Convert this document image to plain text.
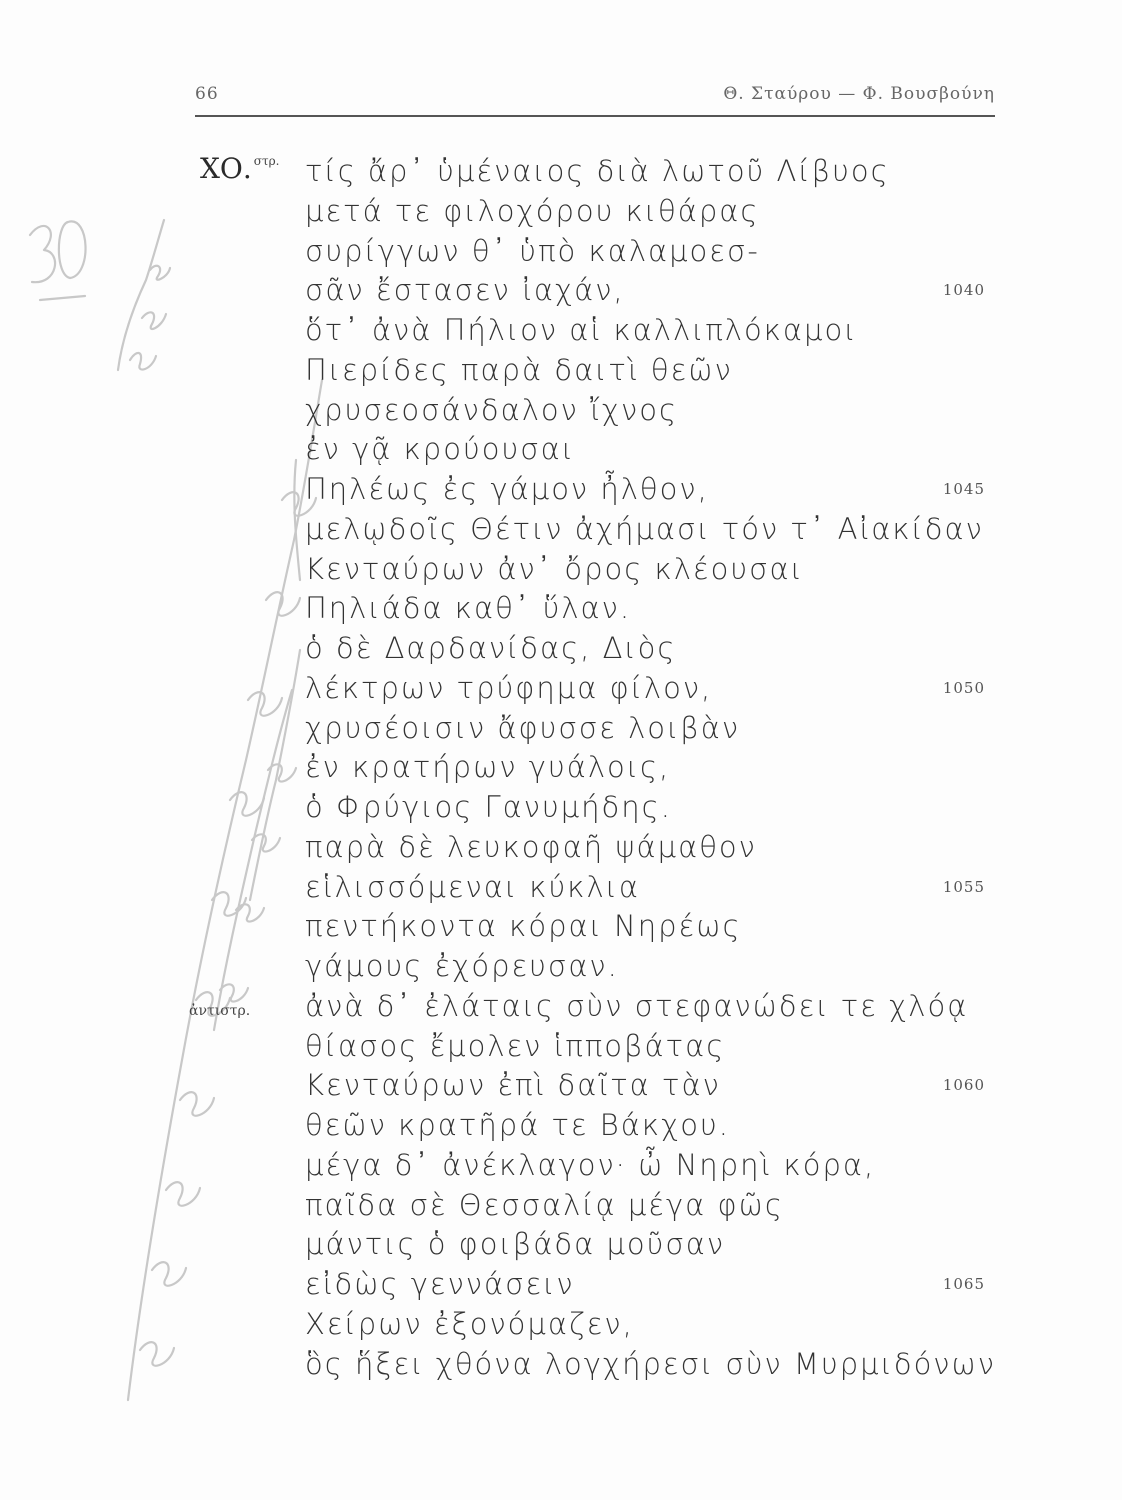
66	Θ. Σταύρου — Φ. Βουσβούνη
ΧΟ. $^{\sigma\tau\rho.}$
ἀντιστρ.
τίς ἄρ᾽ ὑμέναιος διὰ λωτοῦ Λίβυος
μετά τε φιλοχόρου κιθάρας
συρίγγων θ᾽ ὑπὸ καλαμοεσ-
σᾶν ἔστασεν ἰαχάν,	1040
ὅτ᾽ ἀνὰ Πήλιον αἱ καλλιπλόκαμοι
Πιερίδες παρὰ δαιτὶ θεῶν
χρυσεοσάνδαλον ἴχνος
ἐν γᾷ κρούουσαι
Πηλέως ἐς γάμον ἦλθον,	1045
μελῳδοῖς Θέτιν ἀχήμασι τόν τ᾽ Αἰακίδαν
Κενταύρων ἀν᾽ ὄρος κλέουσαι
Πηλιάδα καθ᾽ ὕλαν.
ὁ δὲ Δαρδανίδας, Διὸς
λέκτρων τρύφημα φίλον,	1050
χρυσέοισιν ἄφυσσε λοιβὰν
ἐν κρατήρων γυάλοις,
ὁ Φρύγιος Γανυμήδης.
παρὰ δὲ λευκοφαῆ ψάμαθον
εἱλισσόμεναι κύκλια	1055
πεντήκοντα κόραι Νηρέως
γάμους ἐχόρευσαν.
ἀνὰ δ᾽ ἐλάταις σὺν στεφανώδει τε χλόᾳ
θίασος ἔμολεν ἱπποβάτας
Κενταύρων ἐπὶ δαῖτα τὰν	1060
θεῶν κρατῆρά τε Βάκχου.
μέγα δ᾽ ἀνέκλαγον· ὦ Νηρηὶ κόρα,
παῖδα σὲ Θεσσαλίᾳ μέγα φῶς
μάντις ὁ φοιβάδα μοῦσαν
εἰδὼς γεννάσειν	1065
Χείρων ἐξονόμαζεν,
ὃς ἥξει χθόνα λογχήρεσι σὺν Μυρμιδόνων
